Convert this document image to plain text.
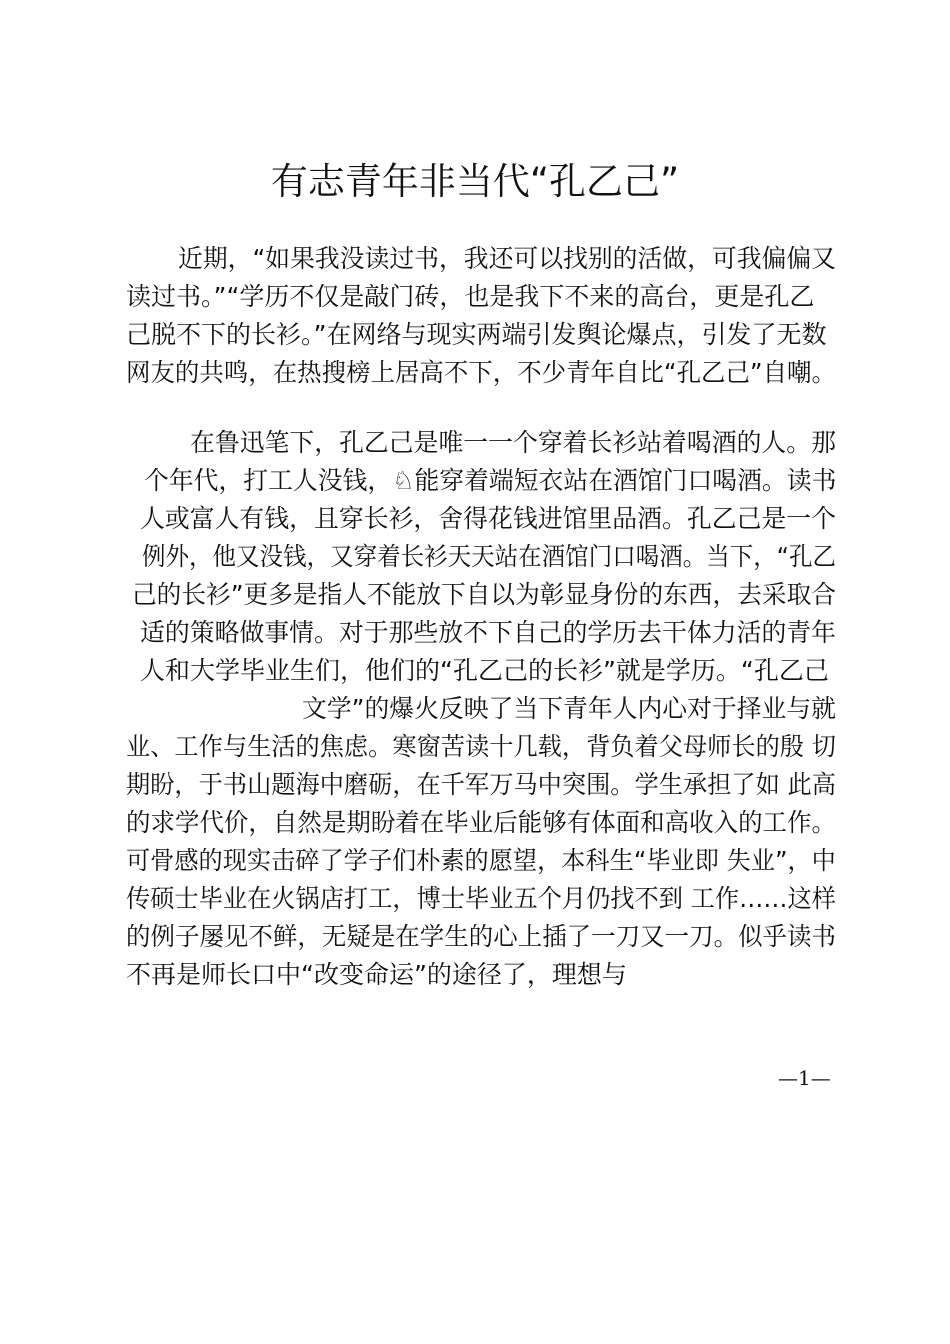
有志青年非当代“孔乙己”

近期，“如果我没读过书，我还可以找别的活做，可我偏偏又

读过书。”“学历不仅是敲门砖，也是我下不来的高台，更是孔乙

己脱不下的长衫。”在网络与现实两端引发舆论爆点，引发了无数

网友的共鸣，在热搜榜上居高不下，不少青年自比“孔乙己”自嘲。

在鲁迅笔下，孔乙己是唯一一个穿着长衫站着喝酒的人。那

个年代，打工人没钱，♘能穿着端短衣站在酒馆门口喝酒。读书

人或富人有钱，且穿长衫，舍得花钱进馆里品酒。孔乙己是一个

例外，他又没钱，又穿着长衫天天站在酒馆门口喝酒。当下，“孔乙

己的长衫”更多是指人不能放下自以为彰显身份的东西，去采取合

适的策略做事情。对于那些放不下自己的学历去干体力活的青年

人和大学毕业生们，他们的“孔乙己的长衫”就是学历。“孔乙己

文学”的爆火反映了当下青年人内心对于择业与就

业、工作与生活的焦虑。寒窗苦读十几载，背负着父母师长的殷 切

期盼，于书山题海中磨砺，在千军万马中突围。学生承担了如 此高

的求学代价，自然是期盼着在毕业后能够有体面和高收入的工作。

可骨感的现实击碎了学子们朴素的愿望，本科生“毕业即 失业”，中

传硕士毕业在火锅店打工，博士毕业五个月仍找不到 工作……这样

的例子屡见不鲜，无疑是在学生的心上插了一刀又一刀。似乎读书

不再是师长口中“改变命运”的途径了，理想与

—1—
